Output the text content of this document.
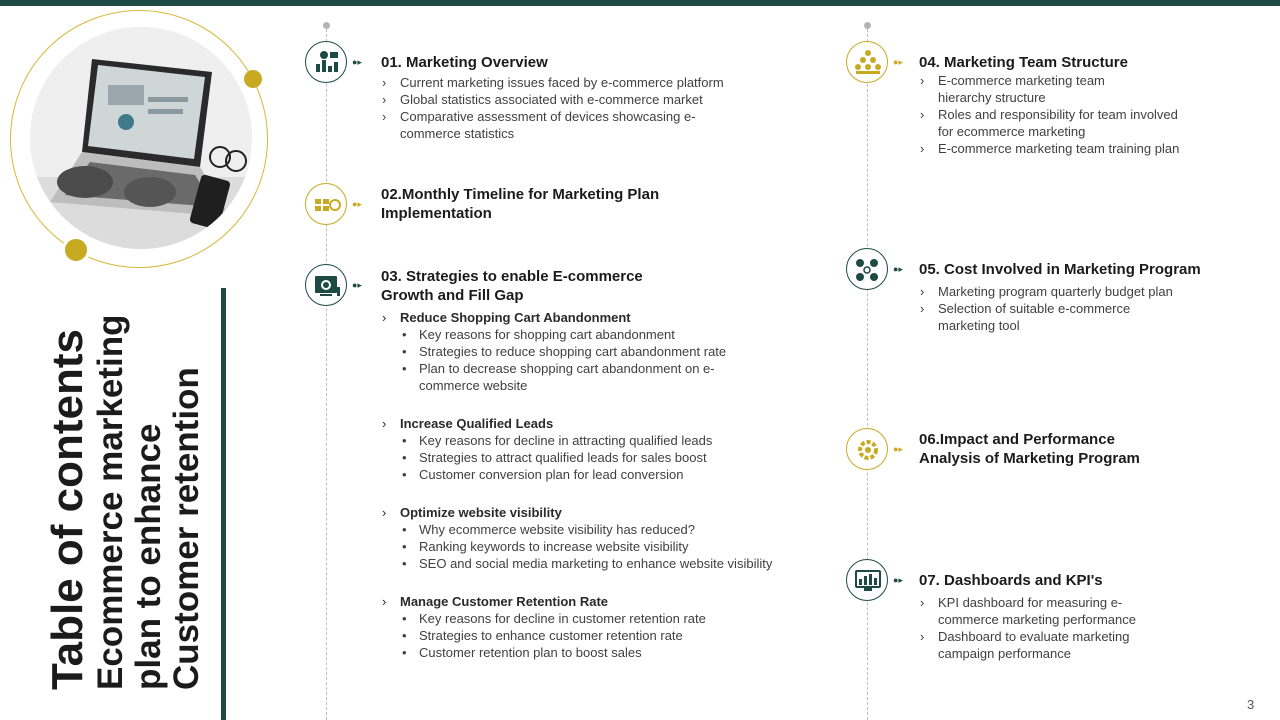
Table of contents Ecommerce marketing plan to enhance Customer retention
●▸
●▸
●▸
●▸
●▸
●▸
●▸
01. Marketing Overview
› Current marketing issues faced by e-commerce platform
› Global statistics associated with e-commerce market
› Comparative assessment of devices showcasing e-
commerce statistics
02.Monthly Timeline for Marketing Plan
Implementation
03. Strategies to enable E-commerce
Growth and Fill Gap
› Reduce Shopping Cart Abandonment
• Key reasons for shopping cart abandonment
• Strategies to reduce shopping cart abandonment rate
• Plan to decrease shopping cart abandonment on e-
commerce website
› Increase Qualified Leads
• Key reasons for decline in attracting qualified leads
• Strategies to attract qualified leads for sales boost
• Customer conversion plan for lead conversion
› Optimize website visibility
• Why ecommerce website visibility has reduced?
• Ranking keywords to increase website visibility
• SEO and social media marketing to enhance website visibility
› Manage Customer Retention Rate
• Key reasons for decline in customer retention rate
• Strategies to enhance customer retention rate
• Customer retention plan to boost sales
04. Marketing Team Structure
› E-commerce marketing team
hierarchy structure
› Roles and responsibility for team involved
for ecommerce marketing
› E-commerce marketing team training plan
05. Cost Involved in Marketing Program
› Marketing program quarterly budget plan
› Selection of suitable e-commerce
marketing tool
06.Impact and Performance
Analysis of Marketing Program
07. Dashboards and KPI's
› KPI dashboard for measuring e-
commerce marketing performance
› Dashboard to evaluate marketing
campaign performance
3
